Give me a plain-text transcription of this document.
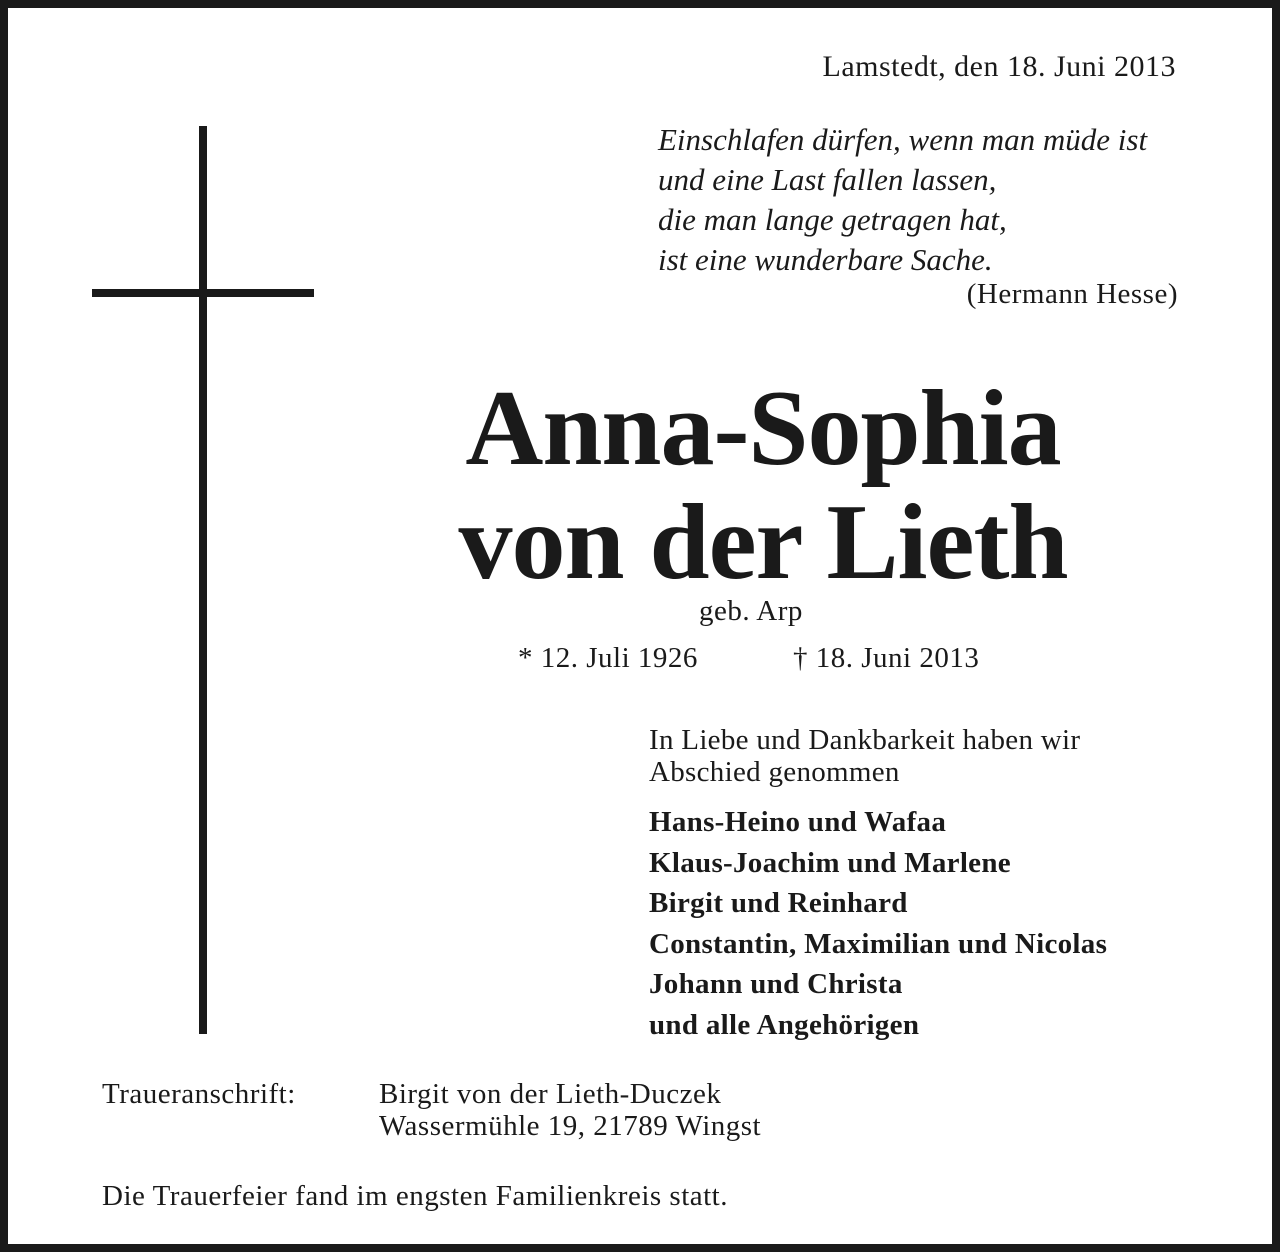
Lamstedt, den 18. Juni 2013
Einschlafen dürfen, wenn man müde ist
und eine Last fallen lassen,
die man lange getragen hat,
ist eine wunderbare Sache.
(Hermann Hesse)
Anna-Sophia
von der Lieth
geb. Arp
* 12. Juli 1926	† 18. Juni 2013
In Liebe und Dankbarkeit haben wir
Abschied genommen
Hans-Heino und Wafaa
Klaus-Joachim und Marlene
Birgit und Reinhard
Constantin, Maximilian und Nicolas
Johann und Christa
und alle Angehörigen
Traueranschrift:	Birgit von der Lieth-Duczek
Wassermühle 19, 21789 Wingst
Die Trauerfeier fand im engsten Familienkreis statt.
